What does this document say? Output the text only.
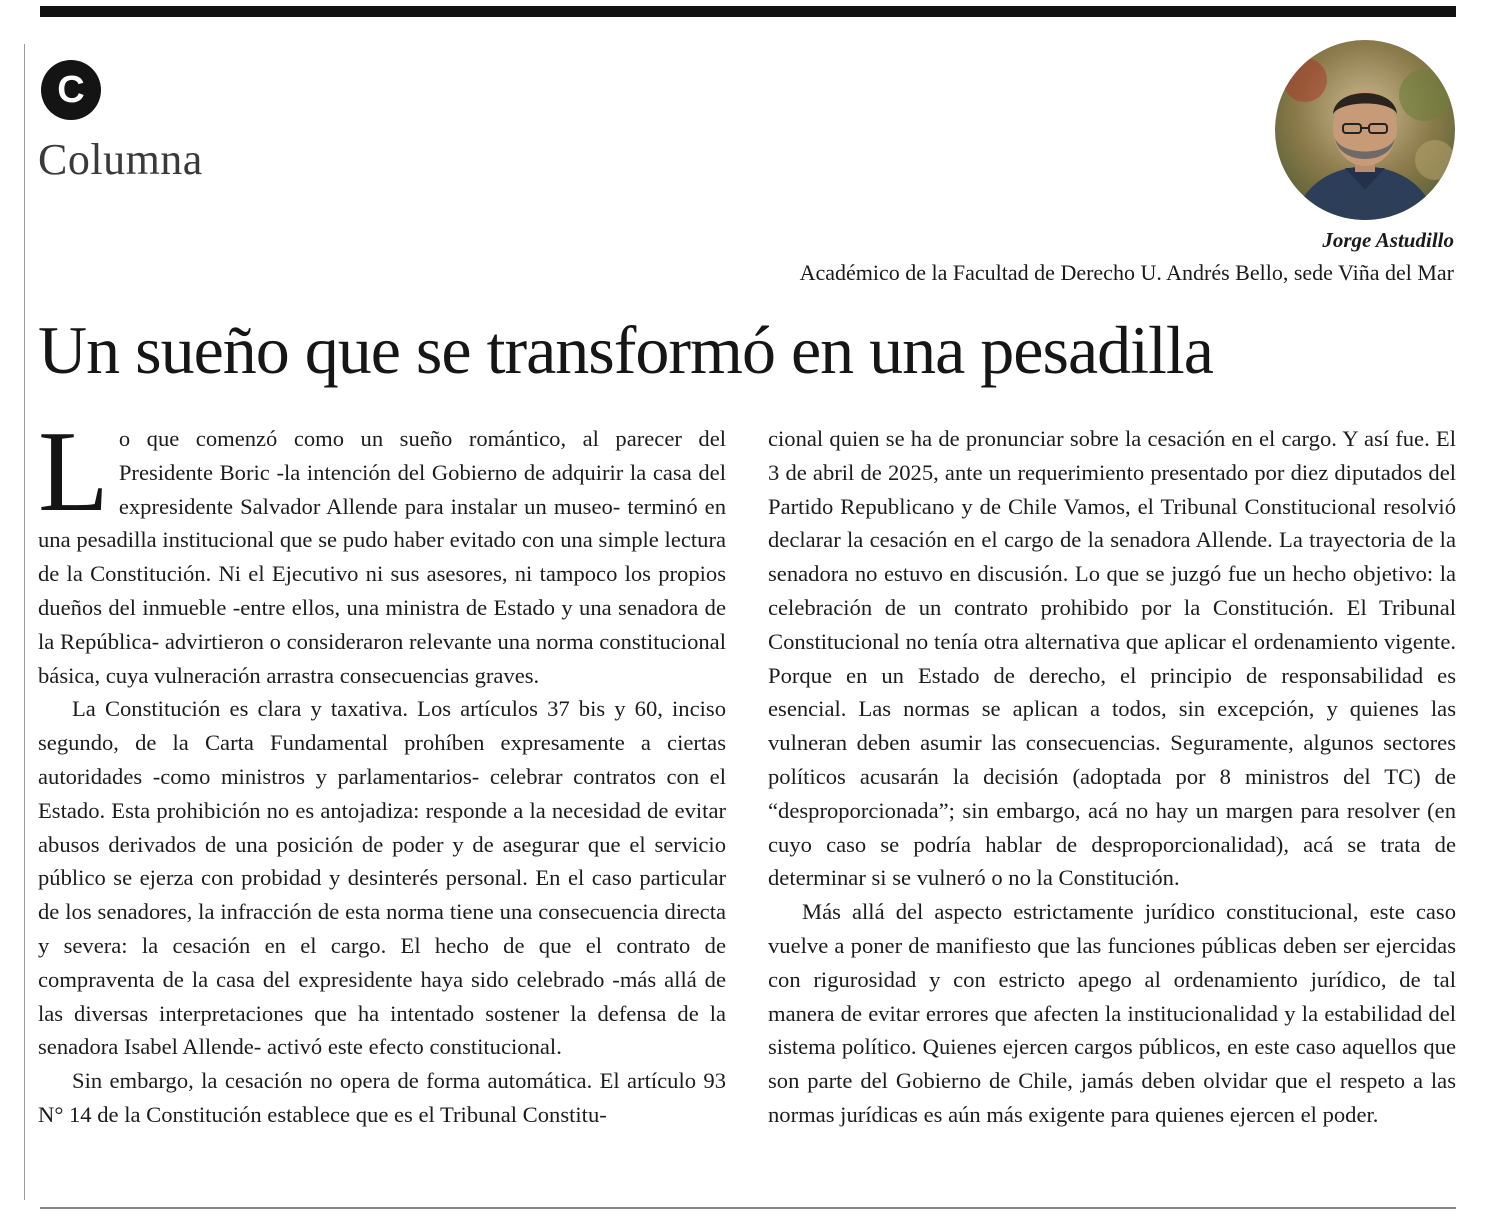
C
Columna
Jorge Astudillo
Académico de la Facultad de Derecho U. Andrés Bello, sede Viña del Mar
Un sueño que se transformó en una pesadilla

Lo que comenzó como un sueño romántico, al parecer del Presidente Boric -la intención del Gobierno de adquirir la casa del expresidente Salvador Allende para instalar un museo- terminó en una pesadilla institucional que se pudo haber evitado con una simple lectura de la Constitución. Ni el Ejecutivo ni sus asesores, ni tampoco los propios dueños del inmueble -entre ellos, una ministra de Estado y una senadora de la República- advirtieron o consideraron relevante una norma constitucional básica, cuya vulneración arrastra consecuencias graves.

La Constitución es clara y taxativa. Los artículos 37 bis y 60, inciso segundo, de la Carta Fundamental prohíben expresamente a ciertas autoridades -como ministros y parlamentarios- celebrar contratos con el Estado. Esta prohibición no es antojadiza: responde a la necesidad de evitar abusos derivados de una posición de poder y de asegurar que el servicio público se ejerza con probidad y desinterés personal. En el caso particular de los senadores, la infracción de esta norma tiene una consecuencia directa y severa: la cesación en el cargo. El hecho de que el contrato de compraventa de la casa del expresidente haya sido celebrado -más allá de las diversas interpretaciones que ha intentado sostener la defensa de la senadora Isabel Allende- activó este efecto constitucional.

Sin embargo, la cesación no opera de forma automática. El artículo 93 N° 14 de la Constitución establece que es el Tribunal Constitu-

cional quien se ha de pronunciar sobre la cesación en el cargo. Y así fue. El 3 de abril de 2025, ante un requerimiento presentado por diez diputados del Partido Republicano y de Chile Vamos, el Tribunal Constitucional resolvió declarar la cesación en el cargo de la senadora Allende. La trayectoria de la senadora no estuvo en discusión. Lo que se juzgó fue un hecho objetivo: la celebración de un contrato prohibido por la Constitución. El Tribunal Constitucional no tenía otra alternativa que aplicar el ordenamiento vigente. Porque en un Estado de derecho, el principio de responsabilidad es esencial. Las normas se aplican a todos, sin excepción, y quienes las vulneran deben asumir las consecuencias. Seguramente, algunos sectores políticos acusarán la decisión (adoptada por 8 ministros del TC) de “desproporcionada”; sin embargo, acá no hay un margen para resolver (en cuyo caso se podría hablar de desproporcionalidad), acá se trata de determinar si se vulneró o no la Constitución.

Más allá del aspecto estrictamente jurídico constitucional, este caso vuelve a poner de manifiesto que las funciones públicas deben ser ejercidas con rigurosidad y con estricto apego al ordenamiento jurídico, de tal manera de evitar errores que afecten la institucionalidad y la estabilidad del sistema político. Quienes ejercen cargos públicos, en este caso aquellos que son parte del Gobierno de Chile, jamás deben olvidar que el respeto a las normas jurídicas es aún más exigente para quienes ejercen el poder.
